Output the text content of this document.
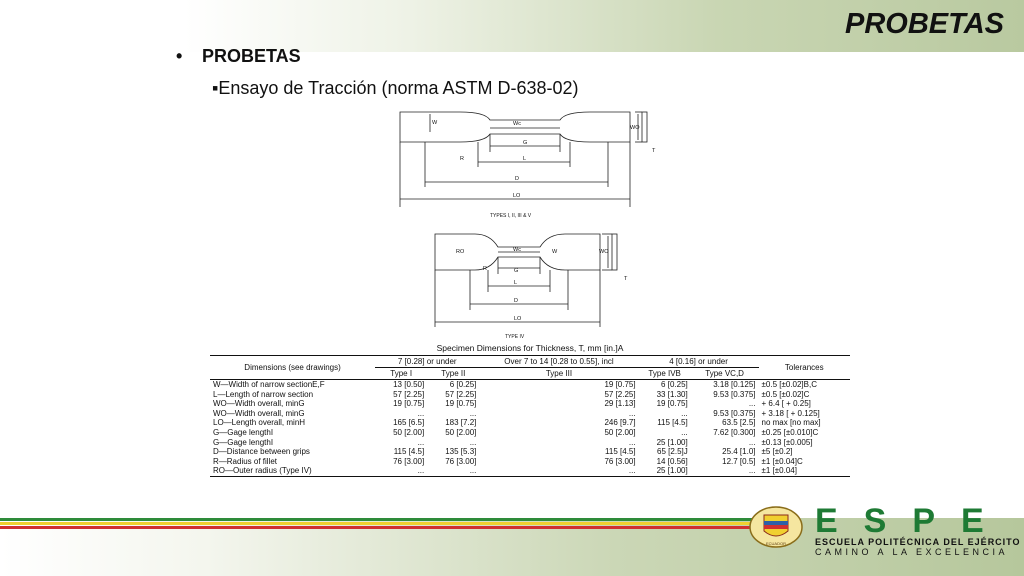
PROBETAS
• PROBETAS
▪Ensayo de Tracción (norma ASTM D-638-02)
Wc
W
G
L
D
LO
R
WO
T
TYPES I, II, III & V
RO	Wc	W	WO
R	G
L
D
LO
T
TYPE IV
Specimen Dimensions for Thickness, T, mm [in.]A
Dimensions (see drawings)	7 [0.28] or under		Over 7 to 14 [0.28 to 0.55], incl	4 [0.16] or under		Tolerances
	Type I	Type II	Type III	Type IVB	Type VC,D	
W—Width of narrow sectionE,F	13 [0.50]	6 [0.25]	19 [0.75]	6 [0.25]	3.18 [0.125]	±0.5 [±0.02]B,C
L—Length of narrow section	57 [2.25]	57 [2.25]	57 [2.25]	33 [1.30]	9.53 [0.375]	±0.5 [±0.02]C
WO—Width overall, minG	19 [0.75]	19 [0.75]	29 [1.13]	19 [0.75]	...	+ 6.4 [ + 0.25]
WO—Width overall, minG	...	...	...	...	9.53 [0.375]	+ 3.18 [ + 0.125]
LO—Length overall, minH	165 [6.5]	183 [7.2]	246 [9.7]	115 [4.5]	63.5 [2.5]	no max [no max]
G—Gage lengthI	50 [2.00]	50 [2.00]	50 [2.00]	...	7.62 [0.300]	±0.25 [±0.010]C
G—Gage lengthI	...	...	...	25 [1.00]	...	±0.13 [±0.005]
D—Distance between grips	115 [4.5]	135 [5.3]	115 [4.5]	65 [2.5]J	25.4 [1.0]	±5 [±0.2]
R—Radius of fillet	76 [3.00]	76 [3.00]	76 [3.00]	14 [0.56]	12.7 [0.5]	±1 [±0.04]C
RO—Outer radius (Type IV)	...	...	...	25 [1.00]	...	±1 [±0.04]
ECUADOR
ESPE
ESCUELA POLITÉCNICA DEL EJÉRCITO
CAMINO A LA EXCELENCIA
